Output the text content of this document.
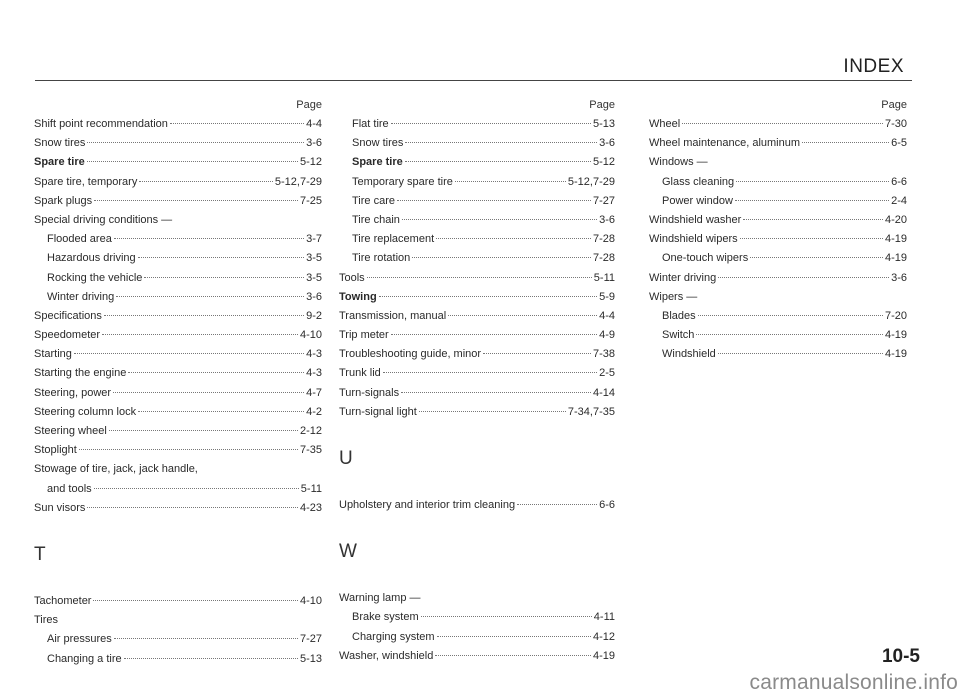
INDEX
Page
Shift point recommendation	4-4
Snow tires	3-6
Spare tire	5-12
Spare tire, temporary	5-12,7-29
Spark plugs	7-25
Special driving conditions —
Flooded area	3-7
Hazardous driving	3-5
Rocking the vehicle	3-5
Winter driving	3-6
Specifications	9-2
Speedometer	4-10
Starting	4-3
Starting the engine	4-3
Steering, power	4-7
Steering column lock	4-2
Steering wheel	2-12
Stoplight	7-35
Stowage of tire, jack, jack handle,
and tools	5-11
Sun visors	4-23
T
Tachometer	4-10
Tires
Air pressures	7-27
Changing a tire	5-13
Page
Flat tire	5-13
Snow tires	3-6
Spare tire	5-12
Temporary spare tire	5-12,7-29
Tire care	7-27
Tire chain	3-6
Tire replacement	7-28
Tire rotation	7-28
Tools	5-11
Towing	5-9
Transmission, manual	4-4
Trip meter	4-9
Troubleshooting guide, minor	7-38
Trunk lid	2-5
Turn-signals	4-14
Turn-signal light	7-34,7-35
U
Upholstery and interior trim cleaning	6-6
W
Warning lamp —
Brake system	4-11
Charging system	4-12
Washer, windshield	4-19
Page
Wheel	7-30
Wheel maintenance, aluminum	6-5
Windows —
Glass cleaning	6-6
Power window	2-4
Windshield washer	4-20
Windshield wipers	4-19
One-touch wipers	4-19
Winter driving	3-6
Wipers —
Blades	7-20
Switch	4-19
Windshield	4-19
10-5
carmanualsonline.info
